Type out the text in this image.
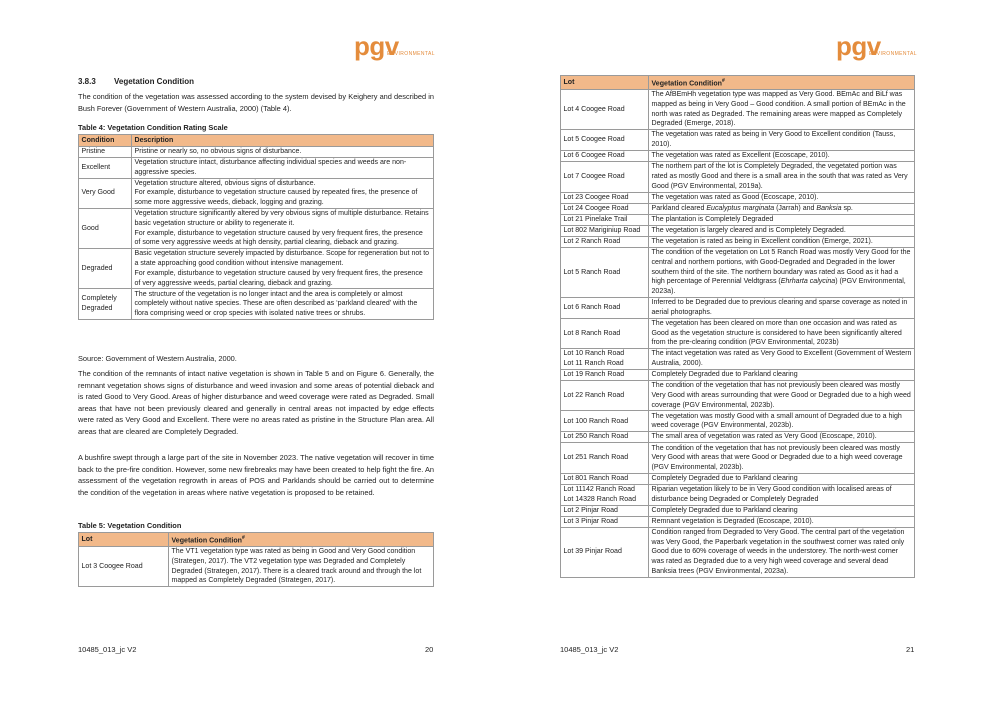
pgv
ENVIRONMENTAL
3.8.3 Vegetation Condition
The condition of the vegetation was assessed according to the system devised by Keighery and described in Bush Forever (Government of Western Australia, 2000) (Table 4).
Table 4: Vegetation Condition Rating Scale
Condition	Description
Pristine	Pristine or nearly so, no obvious signs of disturbance.
Excellent	Vegetation structure intact, disturbance affecting individual species and weeds are non-aggressive species.
Very Good	Vegetation structure altered, obvious signs of disturbance.
For example, disturbance to vegetation structure caused by repeated fires, the presence of some more aggressive weeds, dieback, logging and grazing.
Good	Vegetation structure significantly altered by very obvious signs of multiple disturbance. Retains basic vegetation structure or ability to regenerate it.
For example, disturbance to vegetation structure caused by very frequent fires, the presence of some very aggressive weeds at high density, partial clearing, dieback and grazing.
Degraded	Basic vegetation structure severely impacted by disturbance. Scope for regeneration but not to a state approaching good condition without intensive management.
For example, disturbance to vegetation structure caused by very frequent fires, the presence of very aggressive weeds, partial clearing, dieback and grazing.
Completely Degraded	The structure of the vegetation is no longer intact and the area is completely or almost completely without native species. These are often described as ‘parkland cleared’ with the flora comprising weed or crop species with isolated native trees or shrubs.
Source: Government of Western Australia, 2000.
The condition of the remnants of intact native vegetation is shown in Table 5 and on Figure 6. Generally, the remnant vegetation shows signs of disturbance and weed invasion and some areas of potential dieback and is rated Good to Very Good. Areas of higher disturbance and weed coverage were rated as Degraded. Small areas that have not been previously cleared and generally in central areas not impacted by edge effects were rated as Very Good and Excellent. There were no areas rated as pristine in the Structure Plan area. All areas that are cleared are Completely Degraded.
A bushfire swept through a large part of the site in November 2023. The native vegetation will recover in time back to the pre-fire condition. However, some new firebreaks may have been created to help fight the fire. An assessment of the vegetation regrowth in areas of POS and Parklands should be carried out to determine the condition of the vegetation in areas where native vegetation is proposed to be retained.
Table 5: Vegetation Condition
Lot	Vegetation Condition#
Lot 3 Coogee Road	The VT1 vegetation type was rated as being in Good and Very Good condition (Strategen, 2017). The VT2 vegetation type was Degraded and Completely Degraded (Strategen, 2017). There is a cleared track around and through the lot mapped as Completely Degraded (Strategen, 2017).
10485_013_jc V2	20
pgv
ENVIRONMENTAL
10485_013_jc V2	21
Lot	Vegetation Condition#
Lot 4 Coogee Road	The AfBEmHh vegetation type was mapped as Very Good. BEmAc and BiLf was mapped as being in Very Good – Good condition. A small portion of BEmAc in the north was rated as Degraded. The remaining areas were mapped as Completely Degraded (Emerge, 2018).
Lot 5 Coogee Road	The vegetation was rated as being in Very Good to Excellent condition (Tauss, 2010).
Lot 6 Coogee Road	The vegetation was rated as Excellent (Ecoscape, 2010).
Lot 7 Coogee Road	The northern part of the lot is Completely Degraded, the vegetated portion was rated as mostly Good and there is a small area in the south that was rated as Very Good (PGV Environmental, 2019a).
Lot 23 Coogee Road	The vegetation was rated as Good (Ecoscape, 2010).
Lot 24 Coogee Road	Parkland cleared Eucalyptus marginata (Jarrah) and Banksia sp.
Lot 21 Pinelake Trail	The plantation is Completely Degraded
Lot 802 Mariginiup Road	The vegetation is largely cleared and is Completely Degraded.
Lot 2 Ranch Road	The vegetation is rated as being in Excellent condition (Emerge, 2021).
Lot 5 Ranch Road	The condition of the vegetation on Lot 5 Ranch Road was mostly Very Good for the central and northern portions, with Good-Degraded and Degraded in the lower southern third of the site. The northern boundary was rated as Good as it had a high percentage of Perennial Veldtgrass (Ehrharta calycina) (PGV Environmental, 2023a).
Lot 6 Ranch Road	Inferred to be Degraded due to previous clearing and sparse coverage as noted in aerial photographs.
Lot 8 Ranch Road	The vegetation has been cleared on more than one occasion and was rated as Good as the vegetation structure is considered to have been significantly altered from the pre-clearing condition (PGV Environmental, 2023b)
Lot 10 Ranch Road
Lot 11 Ranch Road	The intact vegetation was rated as Very Good to Excellent (Government of Western Australia, 2000).
Lot 19 Ranch Road	Completely Degraded due to Parkland clearing
Lot 22 Ranch Road	The condition of the vegetation that has not previously been cleared was mostly Very Good with areas surrounding that were Good or Degraded due to a high weed coverage (PGV Environmental, 2023b).
Lot 100 Ranch Road	The vegetation was mostly Good with a small amount of Degraded due to a high weed coverage (PGV Environmental, 2023b).
Lot 250 Ranch Road	The small area of vegetation was rated as Very Good (Ecoscape, 2010).
Lot 251 Ranch Road	The condition of the vegetation that has not previously been cleared was mostly Very Good with areas that were Good or Degraded due to a high weed coverage (PGV Environmental, 2023b).
Lot 801 Ranch Road	Completely Degraded due to Parkland clearing
Lot 11142 Ranch Road
Lot 14328 Ranch Road	Riparian vegetation likely to be in Very Good condition with localised areas of disturbance being Degraded or Completely Degraded
Lot 2 Pinjar Road	Completely Degraded due to Parkland clearing
Lot 3 Pinjar Road	Remnant vegetation is Degraded (Ecoscape, 2010).
Lot 39 Pinjar Road	Condition ranged from Degraded to Very Good. The central part of the vegetation was Very Good, the Paperbark vegetation in the southwest corner was rated only Good due to 60% coverage of weeds in the understorey. The north-west corner was rated as Degraded due to a very high weed coverage and several dead Banksia trees (PGV Environmental, 2023a).
